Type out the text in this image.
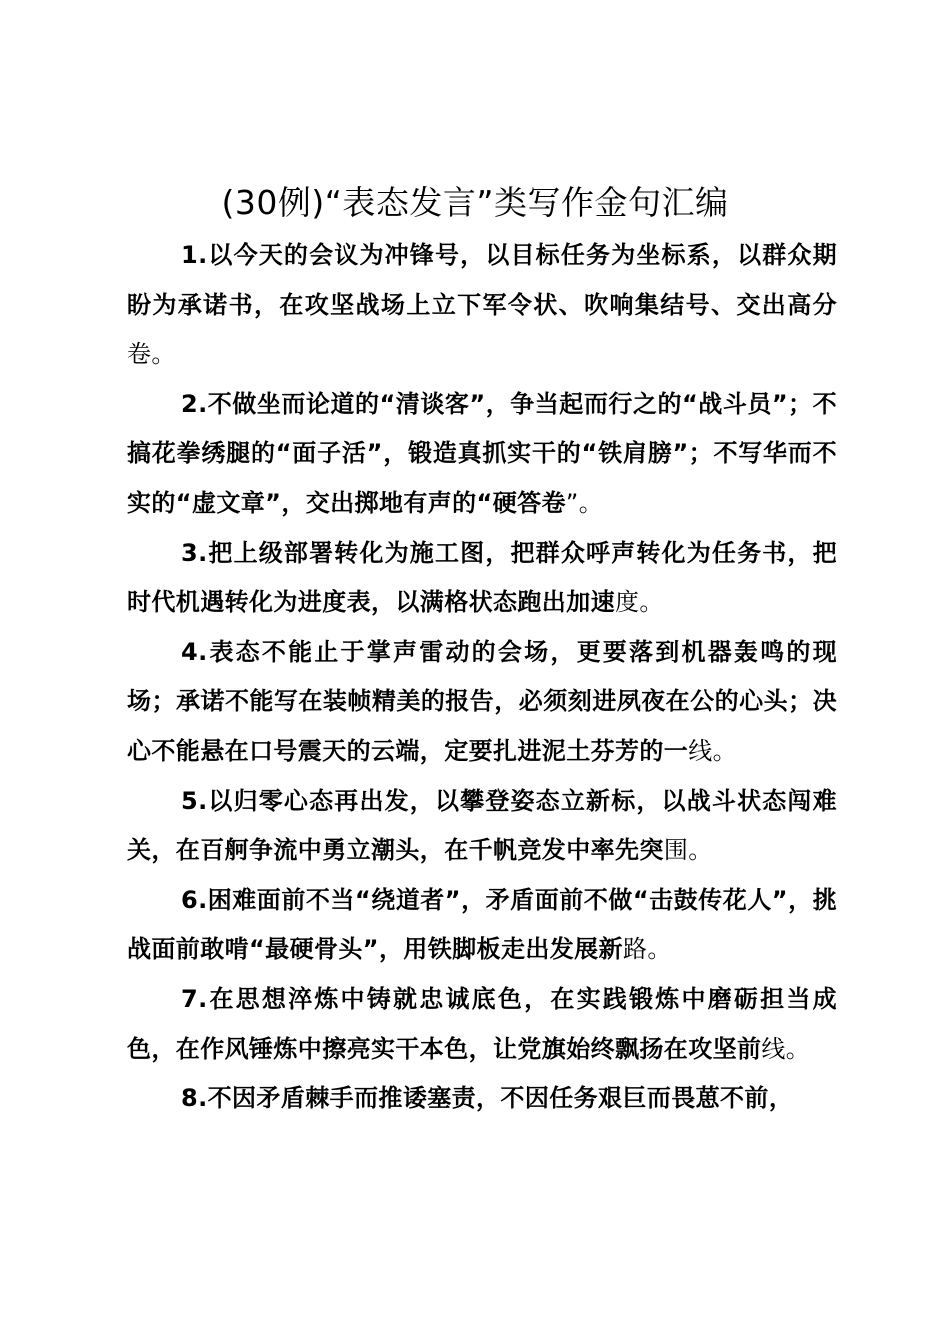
(30例)“表态发言”类写作金句汇编

1.以今天的会议为冲锋号，以目标任务为坐标系，以群众期盼为承诺书，在攻坚战场上立下军令状、吹响集结号、交出高分卷。

2.不做坐而论道的“清谈客”，争当起而行之的“战斗员”；不搞花拳绣腿的“面子活”，锻造真抓实干的“铁肩膀”；不写华而不实的“虚文章”，交出掷地有声的“硬答卷”。

3.把上级部署转化为施工图，把群众呼声转化为任务书，把时代机遇转化为进度表，以满格状态跑出加速度。

4.表态不能止于掌声雷动的会场，更要落到机器轰鸣的现场；承诺不能写在装帧精美的报告，必须刻进夙夜在公的心头；决心不能悬在口号震天的云端，定要扎进泥土芬芳的一线。

5.以归零心态再出发，以攀登姿态立新标，以战斗状态闯难关，在百舸争流中勇立潮头，在千帆竞发中率先突围。

6.困难面前不当“绕道者”，矛盾面前不做“击鼓传花人”，挑战面前敢啃“最硬骨头”，用铁脚板走出发展新路。

7.在思想淬炼中铸就忠诚底色，在实践锻炼中磨砺担当成色，在作风锤炼中擦亮实干本色，让党旗始终飘扬在攻坚前线。

8.不因矛盾棘手而推诿塞责，不因任务艰巨而畏葸不前，
